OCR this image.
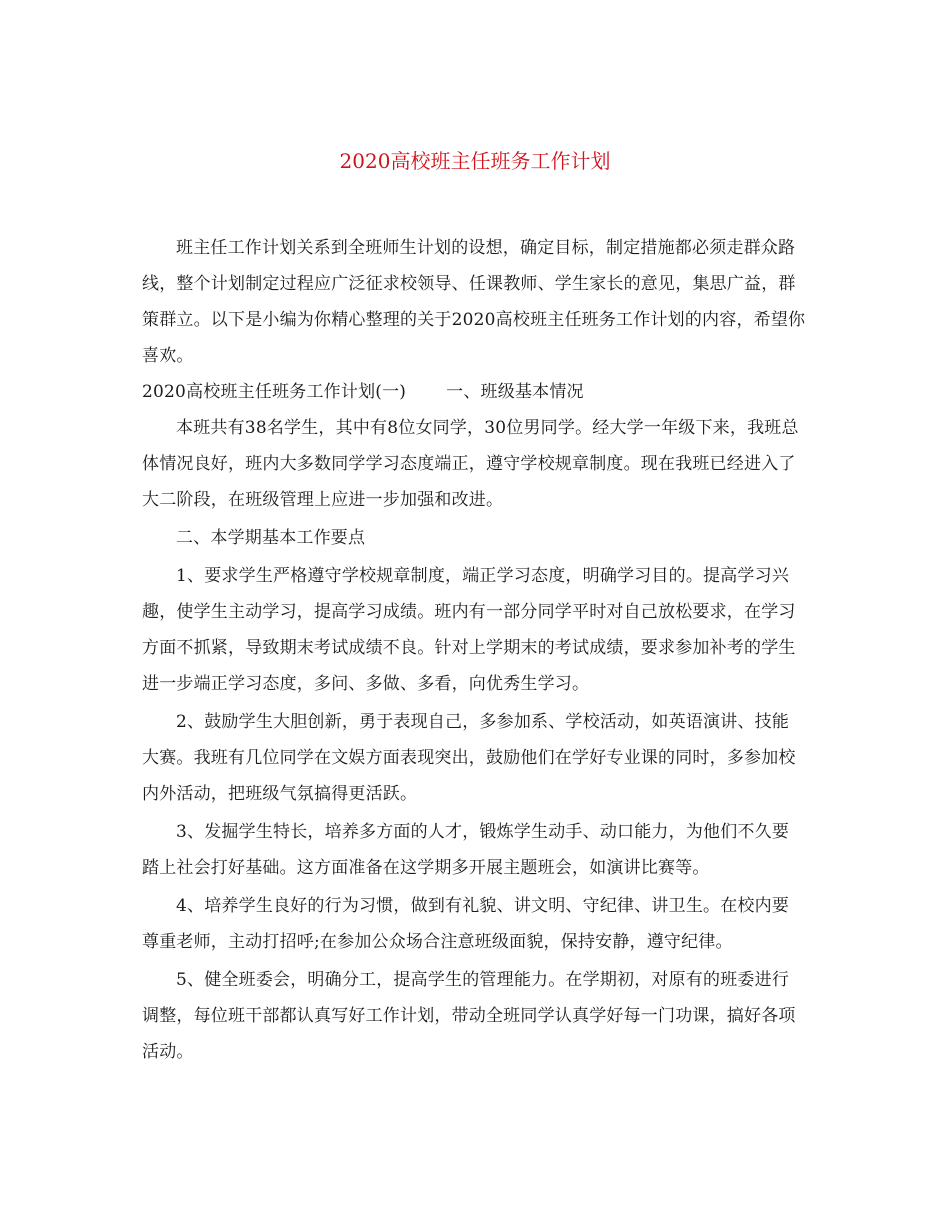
2020高校班主任班务工作计划

班主任工作计划关系到全班师生计划的设想，确定目标，制定措施都必须走群众路线，整个计划制定过程应广泛征求校领导、任课教师、学生家长的意见，集思广益，群策群立。以下是小编为你精心整理的关于2020高校班主任班务工作计划的内容，希望你喜欢。

2020高校班主任班务工作计划(一) 一、班级基本情况

本班共有38名学生，其中有8位女同学，30位男同学。经大学一年级下来，我班总体情况良好，班内大多数同学学习态度端正，遵守学校规章制度。现在我班已经进入了大二阶段，在班级管理上应进一步加强和改进。

二、本学期基本工作要点

1、要求学生严格遵守学校规章制度，端正学习态度，明确学习目的。提高学习兴趣，使学生主动学习，提高学习成绩。班内有一部分同学平时对自己放松要求，在学习方面不抓紧，导致期末考试成绩不良。针对上学期末的考试成绩，要求参加补考的学生进一步端正学习态度，多问、多做、多看，向优秀生学习。

2、鼓励学生大胆创新，勇于表现自己，多参加系、学校活动，如英语演讲、技能大赛。我班有几位同学在文娱方面表现突出，鼓励他们在学好专业课的同时，多参加校内外活动，把班级气氛搞得更活跃。

3、发掘学生特长，培养多方面的人才，锻炼学生动手、动口能力，为他们不久要踏上社会打好基础。这方面准备在这学期多开展主题班会，如演讲比赛等。

4、培养学生良好的行为习惯，做到有礼貌、讲文明、守纪律、讲卫生。在校内要尊重老师，主动打招呼;在参加公众场合注意班级面貌，保持安静，遵守纪律。

5、健全班委会，明确分工，提高学生的管理能力。在学期初，对原有的班委进行调整，每位班干部都认真写好工作计划，带动全班同学认真学好每一门功课，搞好各项活动。
